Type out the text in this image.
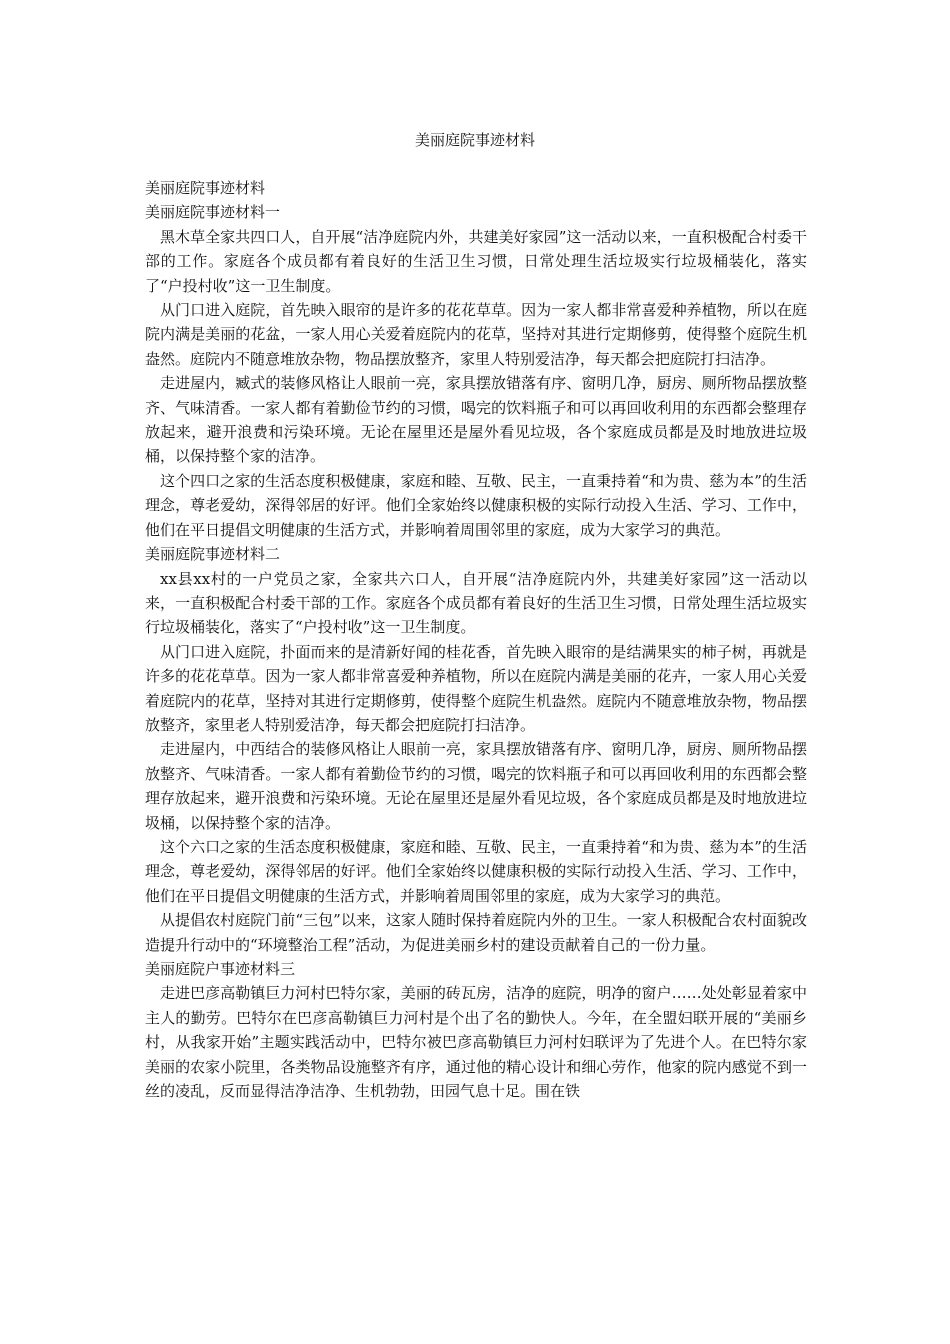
美丽庭院事迹材料

美丽庭院事迹材料

美丽庭院事迹材料一

黑木草全家共四口人，自开展“洁净庭院内外，共建美好家园”这一活动以来，一直积极配合村委干部的工作。家庭各个成员都有着良好的生活卫生习惯，日常处理生活垃圾实行垃圾桶装化，落实了“户投村收”这一卫生制度。

从门口进入庭院，首先映入眼帘的是许多的花花草草。因为一家人都非常喜爱种养植物，所以在庭院内满是美丽的花盆，一家人用心关爱着庭院内的花草，坚持对其进行定期修剪，使得整个庭院生机盎然。庭院内不随意堆放杂物，物品摆放整齐，家里人特别爱洁净，每天都会把庭院打扫洁净。

走进屋内，臧式的装修风格让人眼前一亮，家具摆放错落有序、窗明几净，厨房、厕所物品摆放整齐、气味清香。一家人都有着勤俭节约的习惯，喝完的饮料瓶子和可以再回收利用的东西都会整理存放起来，避开浪费和污染环境。无论在屋里还是屋外看见垃圾，各个家庭成员都是及时地放进垃圾桶，以保持整个家的洁净。

这个四口之家的生活态度积极健康，家庭和睦、互敬、民主，一直秉持着“和为贵、慈为本”的生活理念，尊老爱幼，深得邻居的好评。他们全家始终以健康积极的实际行动投入生活、学习、工作中，他们在平日提倡文明健康的生活方式，并影响着周围邻里的家庭，成为大家学习的典范。

美丽庭院事迹材料二

xx县xx村的一户党员之家，全家共六口人，自开展“洁净庭院内外，共建美好家园”这一活动以来，一直积极配合村委干部的工作。家庭各个成员都有着良好的生活卫生习惯，日常处理生活垃圾实行垃圾桶装化，落实了“户投村收”这一卫生制度。

从门口进入庭院，扑面而来的是清新好闻的桂花香，首先映入眼帘的是结满果实的柿子树，再就是许多的花花草草。因为一家人都非常喜爱种养植物，所以在庭院内满是美丽的花卉，一家人用心关爱着庭院内的花草，坚持对其进行定期修剪，使得整个庭院生机盎然。庭院内不随意堆放杂物，物品摆放整齐，家里老人特别爱洁净，每天都会把庭院打扫洁净。

走进屋内，中西结合的装修风格让人眼前一亮，家具摆放错落有序、窗明几净，厨房、厕所物品摆放整齐、气味清香。一家人都有着勤俭节约的习惯，喝完的饮料瓶子和可以再回收利用的东西都会整理存放起来，避开浪费和污染环境。无论在屋里还是屋外看见垃圾，各个家庭成员都是及时地放进垃圾桶，以保持整个家的洁净。

这个六口之家的生活态度积极健康，家庭和睦、互敬、民主，一直秉持着“和为贵、慈为本”的生活理念，尊老爱幼，深得邻居的好评。他们全家始终以健康积极的实际行动投入生活、学习、工作中，他们在平日提倡文明健康的生活方式，并影响着周围邻里的家庭，成为大家学习的典范。

从提倡农村庭院门前“三包”以来，这家人随时保持着庭院内外的卫生。一家人积极配合农村面貌改造提升行动中的“环境整治工程”活动，为促进美丽乡村的建设贡献着自己的一份力量。

美丽庭院户事迹材料三

走进巴彦高勒镇巨力河村巴特尔家，美丽的砖瓦房，洁净的庭院，明净的窗户……处处彰显着家中主人的勤劳。巴特尔在巴彦高勒镇巨力河村是个出了名的勤快人。今年，在全盟妇联开展的“美丽乡村，从我家开始”主题实践活动中，巴特尔被巴彦高勒镇巨力河村妇联评为了先进个人。在巴特尔家美丽的农家小院里，各类物品设施整齐有序，通过他的精心设计和细心劳作，他家的院内感觉不到一丝的凌乱，反而显得洁净洁净、生机勃勃，田园气息十足。围在铁
